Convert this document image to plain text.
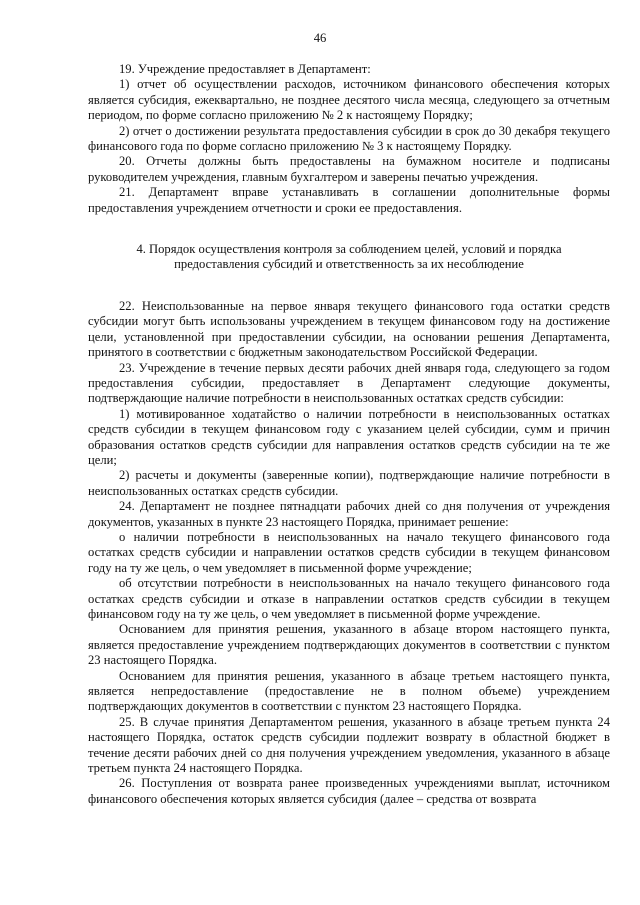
46

19. Учреждение предоставляет в Департамент:

1) отчет об осуществлении расходов, источником финансового обеспечения которых является субсидия, ежеквартально, не позднее десятого числа месяца, следующего за отчетным периодом, по форме согласно приложению № 2 к настоящему Порядку;

2) отчет о достижении результата предоставления субсидии в срок до 30 декабря текущего финансового года по форме согласно приложению № 3 к настоящему Порядку.

20. Отчеты должны быть предоставлены на бумажном носителе и подписаны руководителем учреждения, главным бухгалтером и заверены печатью учреждения.

21. Департамент вправе устанавливать в соглашении дополнительные формы предоставления учреждением отчетности и сроки ее предоставления.

4. Порядок осуществления контроля за соблюдением целей, условий и порядка предоставления субсидий и ответственность за их несоблюдение

22. Неиспользованные на первое января текущего финансового года остатки средств субсидии могут быть использованы учреждением в текущем финансовом году на достижение цели, установленной при предоставлении субсидии, на основании решения Департамента, принятого в соответствии с бюджетным законодательством Российской Федерации.

23. Учреждение в течение первых десяти рабочих дней января года, следующего за годом предоставления субсидии, предоставляет в Департамент следующие документы, подтверждающие наличие потребности в неиспользованных остатках средств субсидии:

1) мотивированное ходатайство о наличии потребности в неиспользованных остатках средств субсидии в текущем финансовом году с указанием целей субсидии, сумм и причин образования остатков средств субсидии для направления остатков средств субсидии на те же цели;

2) расчеты и документы (заверенные копии), подтверждающие наличие потребности в неиспользованных остатках средств субсидии.

24. Департамент не позднее пятнадцати рабочих дней со дня получения от учреждения документов, указанных в пункте 23 настоящего Порядка, принимает решение:

о наличии потребности в неиспользованных на начало текущего финансового года остатках средств субсидии и направлении остатков средств субсидии в текущем финансовом году на ту же цель, о чем уведомляет в письменной форме учреждение;

об отсутствии потребности в неиспользованных на начало текущего финансового года остатках средств субсидии и отказе в направлении остатков средств субсидии в текущем финансовом году на ту же цель, о чем уведомляет в письменной форме учреждение.

Основанием для принятия решения, указанного в абзаце втором настоящего пункта, является предоставление учреждением подтверждающих документов в соответствии с пунктом 23 настоящего Порядка.

Основанием для принятия решения, указанного в абзаце третьем настоящего пункта, является непредоставление (предоставление не в полном объеме) учреждением подтверждающих документов в соответствии с пунктом 23 настоящего Порядка.

25. В случае принятия Департаментом решения, указанного в абзаце третьем пункта 24 настоящего Порядка, остаток средств субсидии подлежит возврату в областной бюджет в течение десяти рабочих дней со дня получения учреждением уведомления, указанного в абзаце третьем пункта 24 настоящего Порядка.

26. Поступления от возврата ранее произведенных учреждениями выплат, источником финансового обеспечения которых является субсидия (далее – средства от возврата
